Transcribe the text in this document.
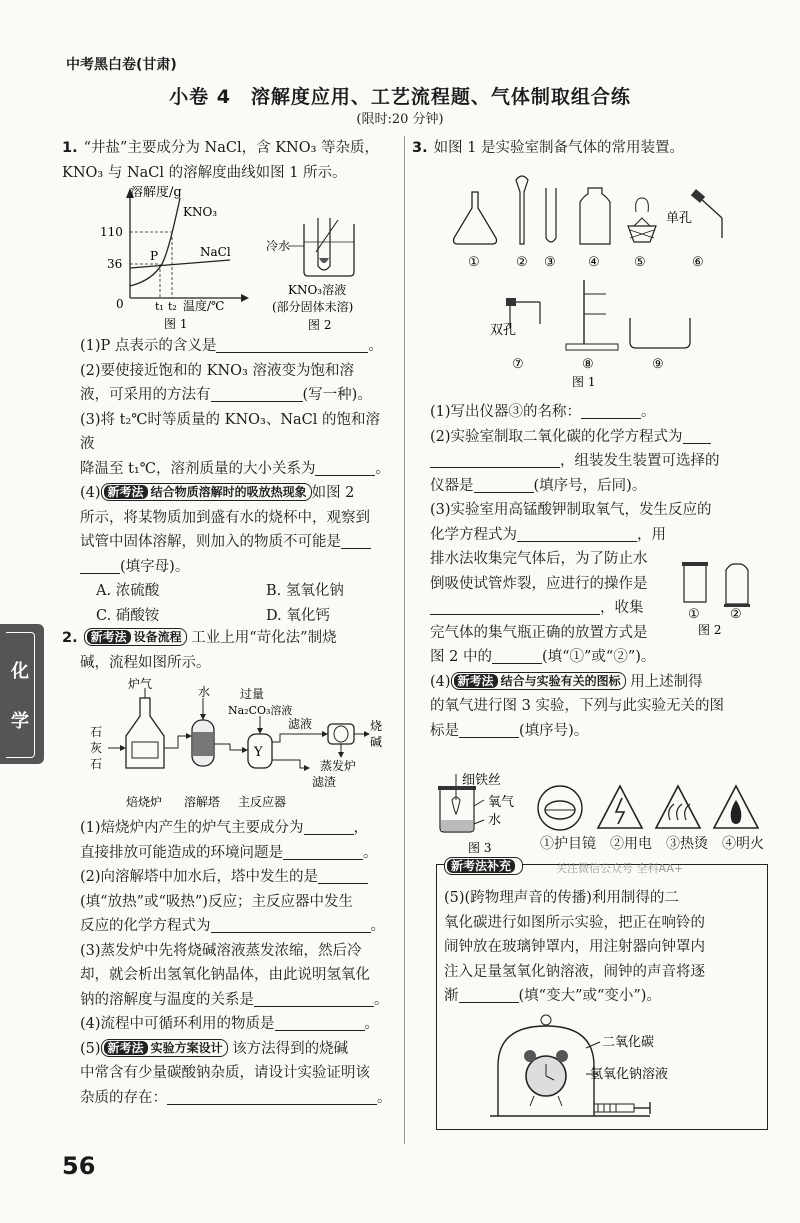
中考黑白卷(甘肃)
小卷 4　溶解度应用、工艺流程题、气体制取组合练
(限时:20 分钟)
化
学

1. “井盐”主要成分为 NaCl，含 KNO₃ 等杂质，

KNO₃ 与 NaCl 的溶解度曲线如图 1 所示。

溶解度/g
KNO₃
NaCl
P
110
36
0	t₁ t₂ 温度/℃
图 1
冷水
KNO₃溶液
(部分固体未溶)
图 2

(1)P 点表示的含义是	。

(2)要使接近饱和的 KNO₃ 溶液变为饱和溶

液，可采用的方法有	(写一种)。

(3)将 t₂℃时等质量的 KNO₃、NaCl 的饱和溶液

降温至 t₁℃，溶剂质量的大小关系为	。

(4) 新考法 结合物质溶解时的吸放热现象 如图 2

所示，将某物质加到盛有水的烧杯中，观察到

试管中固体溶解，则加入的物质不可能是

(填字母)。

A. 浓硫酸	B. 氢氧化钠
C. 硝酸铵	D. 氧化钙

2. 新考法 设备流程 工业上用“苛化法”制烧

碱，流程如图所示。

Y
炉气
水 过量
Na₂CO₃溶液
石
灰
石
滤液	烧
碱
蒸发炉
滤渣
焙烧炉 溶解塔 主反应器

(1)焙烧炉内产生的炉气主要成分为	，

直接排放可能造成的环境问题是	。

(2)向溶解塔中加水后，塔中发生的是

(填“放热”或“吸热”)反应；主反应器中发生

反应的化学方程式为	。

(3)蒸发炉中先将烧碱溶液蒸发浓缩，然后冷

却，就会析出氢氧化钠晶体，由此说明氢氧化

钠的溶解度与温度的关系是	。

(4)流程中可循环利用的物质是	。

(5) 新考法 实验方案设计 该方法得到的烧碱

中常含有少量碳酸钠杂质，请设计实验证明该

杂质的存在：	。

3. 如图 1 是实验室制备气体的常用装置。

单孔
①	② ③ ④	⑤	⑥
双孔
⑦	⑧	⑨
图 1

(1)写出仪器③的名称：	。

(2)实验室制取二氧化碳的化学方程式为

，组装发生装置可选择的

仪器是	(填序号，后同)。

(3)实验室用高锰酸钾制取氧气，发生反应的

化学方程式为	，用

排水法收集完气体后，为了防止水

倒吸使试管炸裂，应进行的操作是

，收集

完气体的集气瓶正确的放置方式是

图 2 中的	(填“①”或“②”)。

(4) 新考法 结合与实验有关的图标 用上述制得

的氧气进行图 3 实验，下列与此实验无关的图

标是	(填序号)。

① ②
图 2
细铁丝
氧气
水
图 3	①护目镜 ②用电 ③热烫 ④明火
新考法补充	关注微信公众号 全科AA+

(5)(跨物理声音的传播)利用制得的二

氧化碳进行如图所示实验，把正在响铃的

闹钟放在玻璃钟罩内，用注射器向钟罩内

注入足量氢氧化钠溶液，闹钟的声音将逐

渐	(填“变大”或“变小”)。

二氧化碳
氢氧化钠溶液
56
